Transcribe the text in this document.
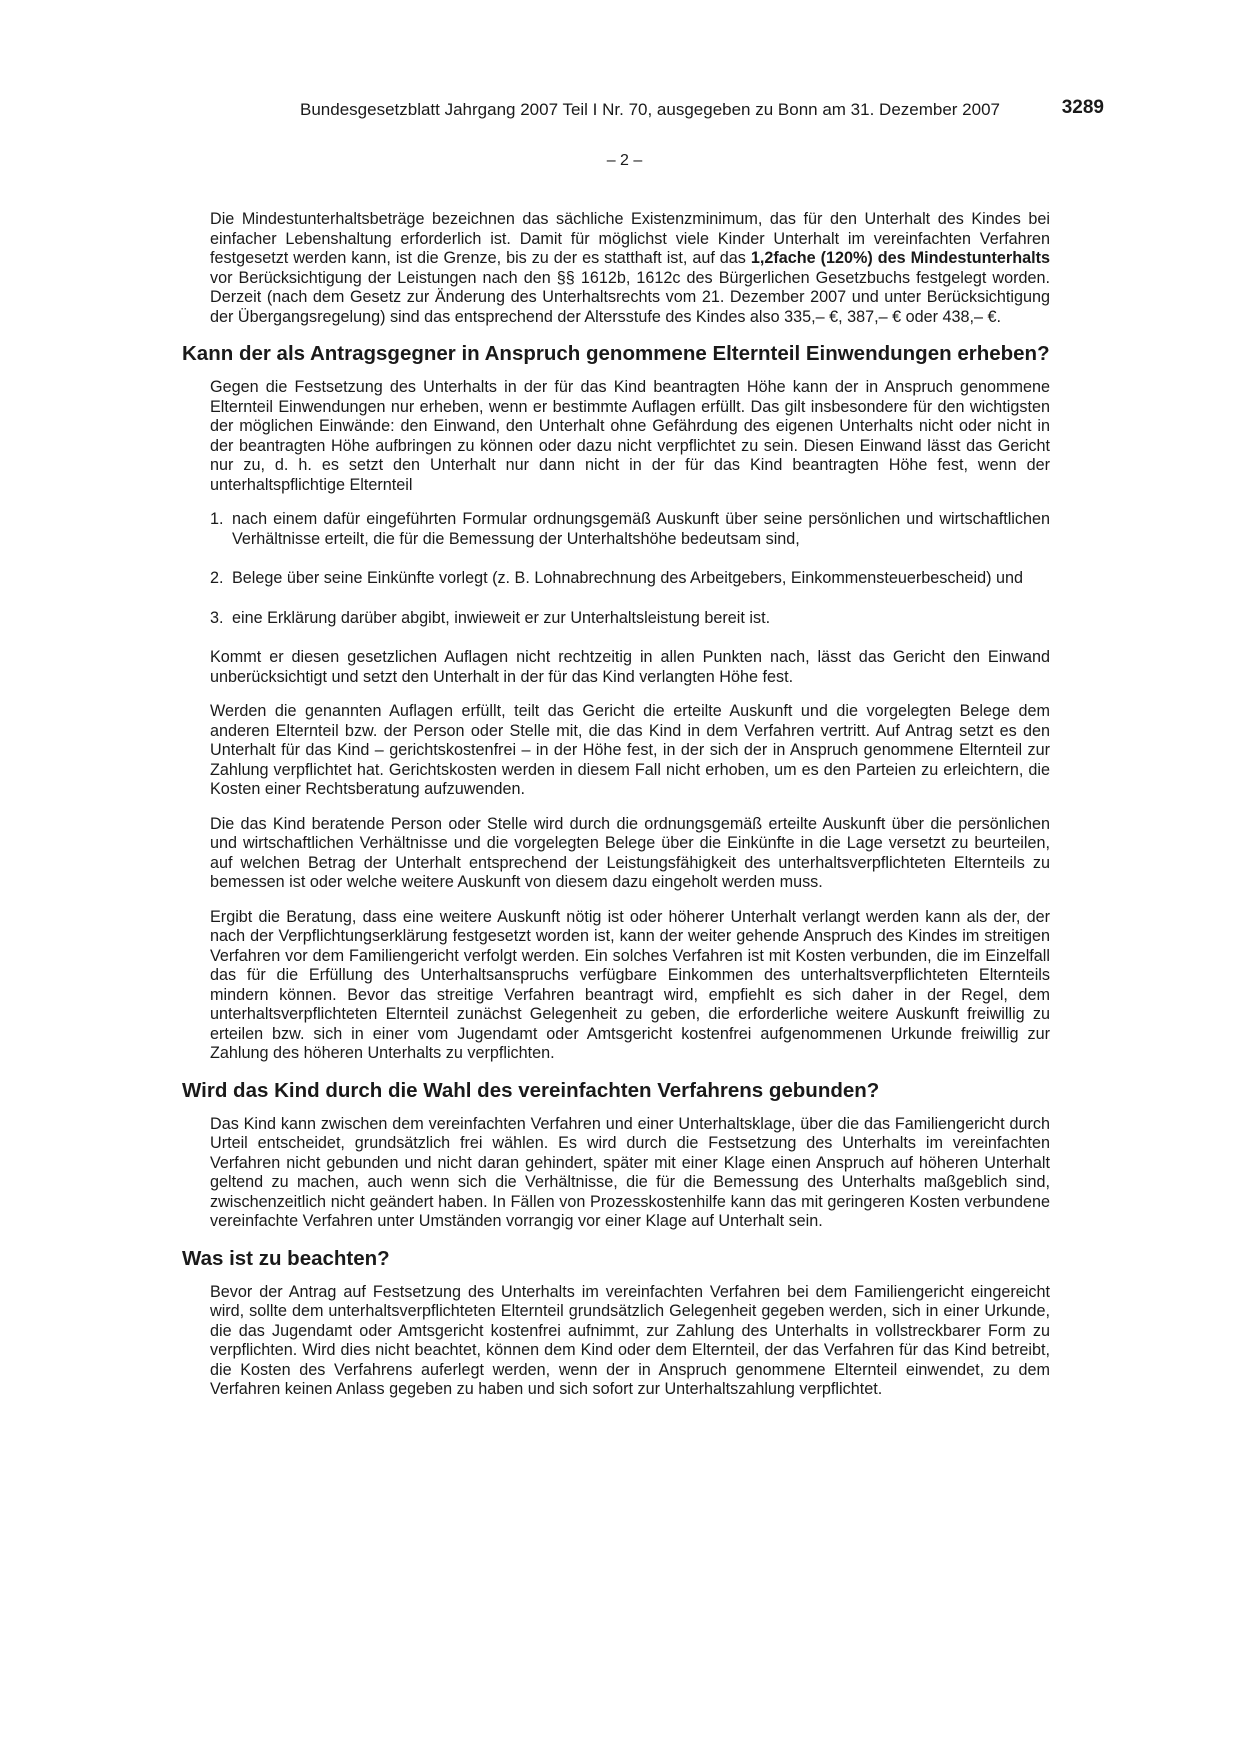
Bundesgesetzblatt Jahrgang 2007 Teil I Nr. 70, ausgegeben zu Bonn am 31. Dezember 2007	3289
– 2 –

Die Mindestunterhaltsbeträge bezeichnen das sächliche Existenzminimum, das für den Unterhalt des Kindes bei einfacher Lebenshaltung erforderlich ist. Damit für möglichst viele Kinder Unterhalt im vereinfachten Verfahren festgesetzt werden kann, ist die Grenze, bis zu der es statthaft ist, auf das 1,2fache (120%) des Mindestunterhalts vor Berücksichtigung der Leistungen nach den §§ 1612b, 1612c des Bürgerlichen Gesetzbuchs festgelegt worden. Derzeit (nach dem Gesetz zur Änderung des Unterhaltsrechts vom 21. Dezember 2007 und unter Berücksichtigung der Übergangsregelung) sind das entsprechend der Altersstufe des Kindes also 335,– €, 387,– € oder 438,– €.

Kann der als Antragsgegner in Anspruch genommene Elternteil Einwendungen erheben?

Gegen die Festsetzung des Unterhalts in der für das Kind beantragten Höhe kann der in Anspruch genommene Elternteil Einwendungen nur erheben, wenn er bestimmte Auflagen erfüllt. Das gilt insbesondere für den wichtigsten der möglichen Einwände: den Einwand, den Unterhalt ohne Gefährdung des eigenen Unterhalts nicht oder nicht in der beantragten Höhe aufbringen zu können oder dazu nicht verpflichtet zu sein. Diesen Einwand lässt das Gericht nur zu, d. h. es setzt den Unterhalt nur dann nicht in der für das Kind beantragten Höhe fest, wenn der unterhaltspflichtige Elternteil

1. nach einem dafür eingeführten Formular ordnungsgemäß Auskunft über seine persönlichen und wirtschaftlichen Verhältnisse erteilt, die für die Bemessung der Unterhaltshöhe bedeutsam sind,
2. Belege über seine Einkünfte vorlegt (z. B. Lohnabrechnung des Arbeitgebers, Einkommensteuerbescheid) und
3. eine Erklärung darüber abgibt, inwieweit er zur Unterhaltsleistung bereit ist.

Kommt er diesen gesetzlichen Auflagen nicht rechtzeitig in allen Punkten nach, lässt das Gericht den Einwand unberücksichtigt und setzt den Unterhalt in der für das Kind verlangten Höhe fest.

Werden die genannten Auflagen erfüllt, teilt das Gericht die erteilte Auskunft und die vorgelegten Belege dem anderen Elternteil bzw. der Person oder Stelle mit, die das Kind in dem Verfahren vertritt. Auf Antrag setzt es den Unterhalt für das Kind – gerichtskostenfrei – in der Höhe fest, in der sich der in Anspruch genommene Elternteil zur Zahlung verpflichtet hat. Gerichtskosten werden in diesem Fall nicht erhoben, um es den Parteien zu erleichtern, die Kosten einer Rechtsberatung aufzuwenden.

Die das Kind beratende Person oder Stelle wird durch die ordnungsgemäß erteilte Auskunft über die persönlichen und wirtschaftlichen Verhältnisse und die vorgelegten Belege über die Einkünfte in die Lage versetzt zu beurteilen, auf welchen Betrag der Unterhalt entsprechend der Leistungsfähigkeit des unterhaltsverpflichteten Elternteils zu bemessen ist oder welche weitere Auskunft von diesem dazu eingeholt werden muss.

Ergibt die Beratung, dass eine weitere Auskunft nötig ist oder höherer Unterhalt verlangt werden kann als der, der nach der Verpflichtungserklärung festgesetzt worden ist, kann der weiter gehende Anspruch des Kindes im streitigen Verfahren vor dem Familiengericht verfolgt werden. Ein solches Verfahren ist mit Kosten verbunden, die im Einzelfall das für die Erfüllung des Unterhaltsanspruchs verfügbare Einkommen des unterhaltsverpflichteten Elternteils mindern können. Bevor das streitige Verfahren beantragt wird, empfiehlt es sich daher in der Regel, dem unterhaltsverpflichteten Elternteil zunächst Gelegenheit zu geben, die erforderliche weitere Auskunft freiwillig zu erteilen bzw. sich in einer vom Jugendamt oder Amtsgericht kostenfrei aufgenommenen Urkunde freiwillig zur Zahlung des höheren Unterhalts zu verpflichten.

Wird das Kind durch die Wahl des vereinfachten Verfahrens gebunden?

Das Kind kann zwischen dem vereinfachten Verfahren und einer Unterhaltsklage, über die das Familiengericht durch Urteil entscheidet, grundsätzlich frei wählen. Es wird durch die Festsetzung des Unterhalts im vereinfachten Verfahren nicht gebunden und nicht daran gehindert, später mit einer Klage einen Anspruch auf höheren Unterhalt geltend zu machen, auch wenn sich die Verhältnisse, die für die Bemessung des Unterhalts maßgeblich sind, zwischenzeitlich nicht geändert haben. In Fällen von Prozesskostenhilfe kann das mit geringeren Kosten verbundene vereinfachte Verfahren unter Umständen vorrangig vor einer Klage auf Unterhalt sein.

Was ist zu beachten?

Bevor der Antrag auf Festsetzung des Unterhalts im vereinfachten Verfahren bei dem Familiengericht eingereicht wird, sollte dem unterhaltsverpflichteten Elternteil grundsätzlich Gelegenheit gegeben werden, sich in einer Urkunde, die das Jugendamt oder Amtsgericht kostenfrei aufnimmt, zur Zahlung des Unterhalts in vollstreckbarer Form zu verpflichten. Wird dies nicht beachtet, können dem Kind oder dem Elternteil, der das Verfahren für das Kind betreibt, die Kosten des Verfahrens auferlegt werden, wenn der in Anspruch genommene Elternteil einwendet, zu dem Verfahren keinen Anlass gegeben zu haben und sich sofort zur Unterhaltszahlung verpflichtet.
